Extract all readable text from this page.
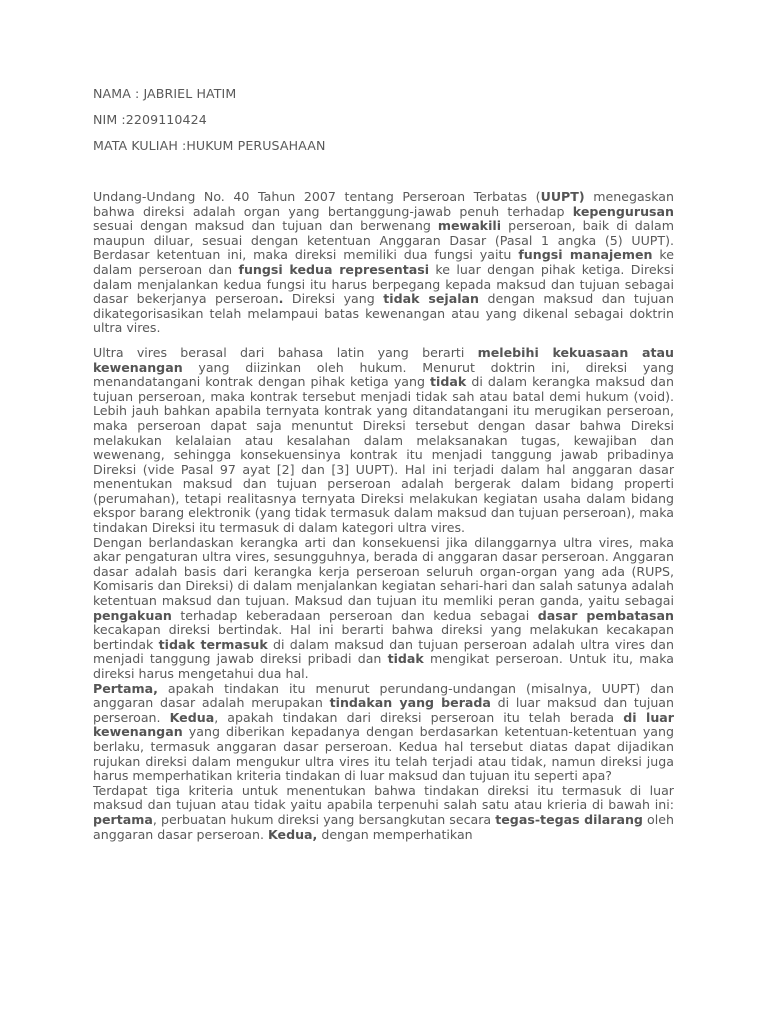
NAMA : JABRIEL HATIM
NIM :2209110424
MATA KULIAH :HUKUM PERUSAHAAN

Undang-Undang No. 40 Tahun 2007 tentang Perseroan Terbatas (UUPT) menegaskan bahwa direksi adalah organ yang bertanggung-jawab penuh terhadap kepengurusan sesuai dengan maksud dan tujuan dan berwenang mewakili perseroan, baik di dalam maupun diluar, sesuai dengan ketentuan Anggaran Dasar (Pasal 1 angka (5) UUPT). Berdasar ketentuan ini, maka direksi memiliki dua fungsi yaitu fungsi manajemen ke dalam perseroan dan fungsi kedua representasi ke luar dengan pihak ketiga. Direksi dalam menjalankan kedua fungsi itu harus berpegang kepada maksud dan tujuan sebagai dasar bekerjanya perseroan. Direksi yang tidak sejalan dengan maksud dan tujuan dikategorisasikan telah melampaui batas kewenangan atau yang dikenal sebagai doktrin ultra vires.

Ultra vires berasal dari bahasa latin yang berarti melebihi kekuasaan atau kewenangan yang diizinkan oleh hukum. Menurut doktrin ini, direksi yang menandatangani kontrak dengan pihak ketiga yang tidak di dalam kerangka maksud dan tujuan perseroan, maka kontrak tersebut menjadi tidak sah atau batal demi hukum (void). Lebih jauh bahkan apabila ternyata kontrak yang ditandatangani itu merugikan perseroan, maka perseroan dapat saja menuntut Direksi tersebut dengan dasar bahwa Direksi melakukan kelalaian atau kesalahan dalam melaksanakan tugas, kewajiban dan wewenang, sehingga konsekuensinya kontrak itu menjadi tanggung jawab pribadinya Direksi (vide Pasal 97 ayat [2] dan [3] UUPT). Hal ini terjadi dalam hal anggaran dasar menentukan maksud dan tujuan perseroan adalah bergerak dalam bidang properti (perumahan), tetapi realitasnya ternyata Direksi melakukan kegiatan usaha dalam bidang ekspor barang elektronik (yang tidak termasuk dalam maksud dan tujuan perseroan), maka tindakan Direksi itu termasuk di dalam kategori ultra vires.

Dengan berlandaskan kerangka arti dan konsekuensi jika dilanggarnya ultra vires, maka akar pengaturan ultra vires, sesungguhnya, berada di anggaran dasar perseroan. Anggaran dasar adalah basis dari kerangka kerja perseroan seluruh organ-organ yang ada (RUPS, Komisaris dan Direksi) di dalam menjalankan kegiatan sehari-hari dan salah satunya adalah ketentuan maksud dan tujuan. Maksud dan tujuan itu memliki peran ganda, yaitu sebagai pengakuan terhadap keberadaan perseroan dan kedua sebagai dasar pembatasan kecakapan direksi bertindak. Hal ini berarti bahwa direksi yang melakukan kecakapan bertindak tidak termasuk di dalam maksud dan tujuan perseroan adalah ultra vires dan menjadi tanggung jawab direksi pribadi dan tidak mengikat perseroan. Untuk itu, maka direksi harus mengetahui dua hal.

Pertama, apakah tindakan itu menurut perundang-undangan (misalnya, UUPT) dan anggaran dasar adalah merupakan tindakan yang berada di luar maksud dan tujuan perseroan. Kedua, apakah tindakan dari direksi perseroan itu telah berada di luar kewenangan yang diberikan kepadanya dengan berdasarkan ketentuan-ketentuan yang berlaku, termasuk anggaran dasar perseroan. Kedua hal tersebut diatas dapat dijadikan rujukan direksi dalam mengukur ultra vires itu telah terjadi atau tidak, namun direksi juga harus memperhatikan kriteria tindakan di luar maksud dan tujuan itu seperti apa?

Terdapat tiga kriteria untuk menentukan bahwa tindakan direksi itu termasuk di luar maksud dan tujuan atau tidak yaitu apabila terpenuhi salah satu atau krieria di bawah ini: pertama, perbuatan hukum direksi yang bersangkutan secara tegas-tegas dilarang oleh anggaran dasar perseroan. Kedua, dengan memperhatikan
